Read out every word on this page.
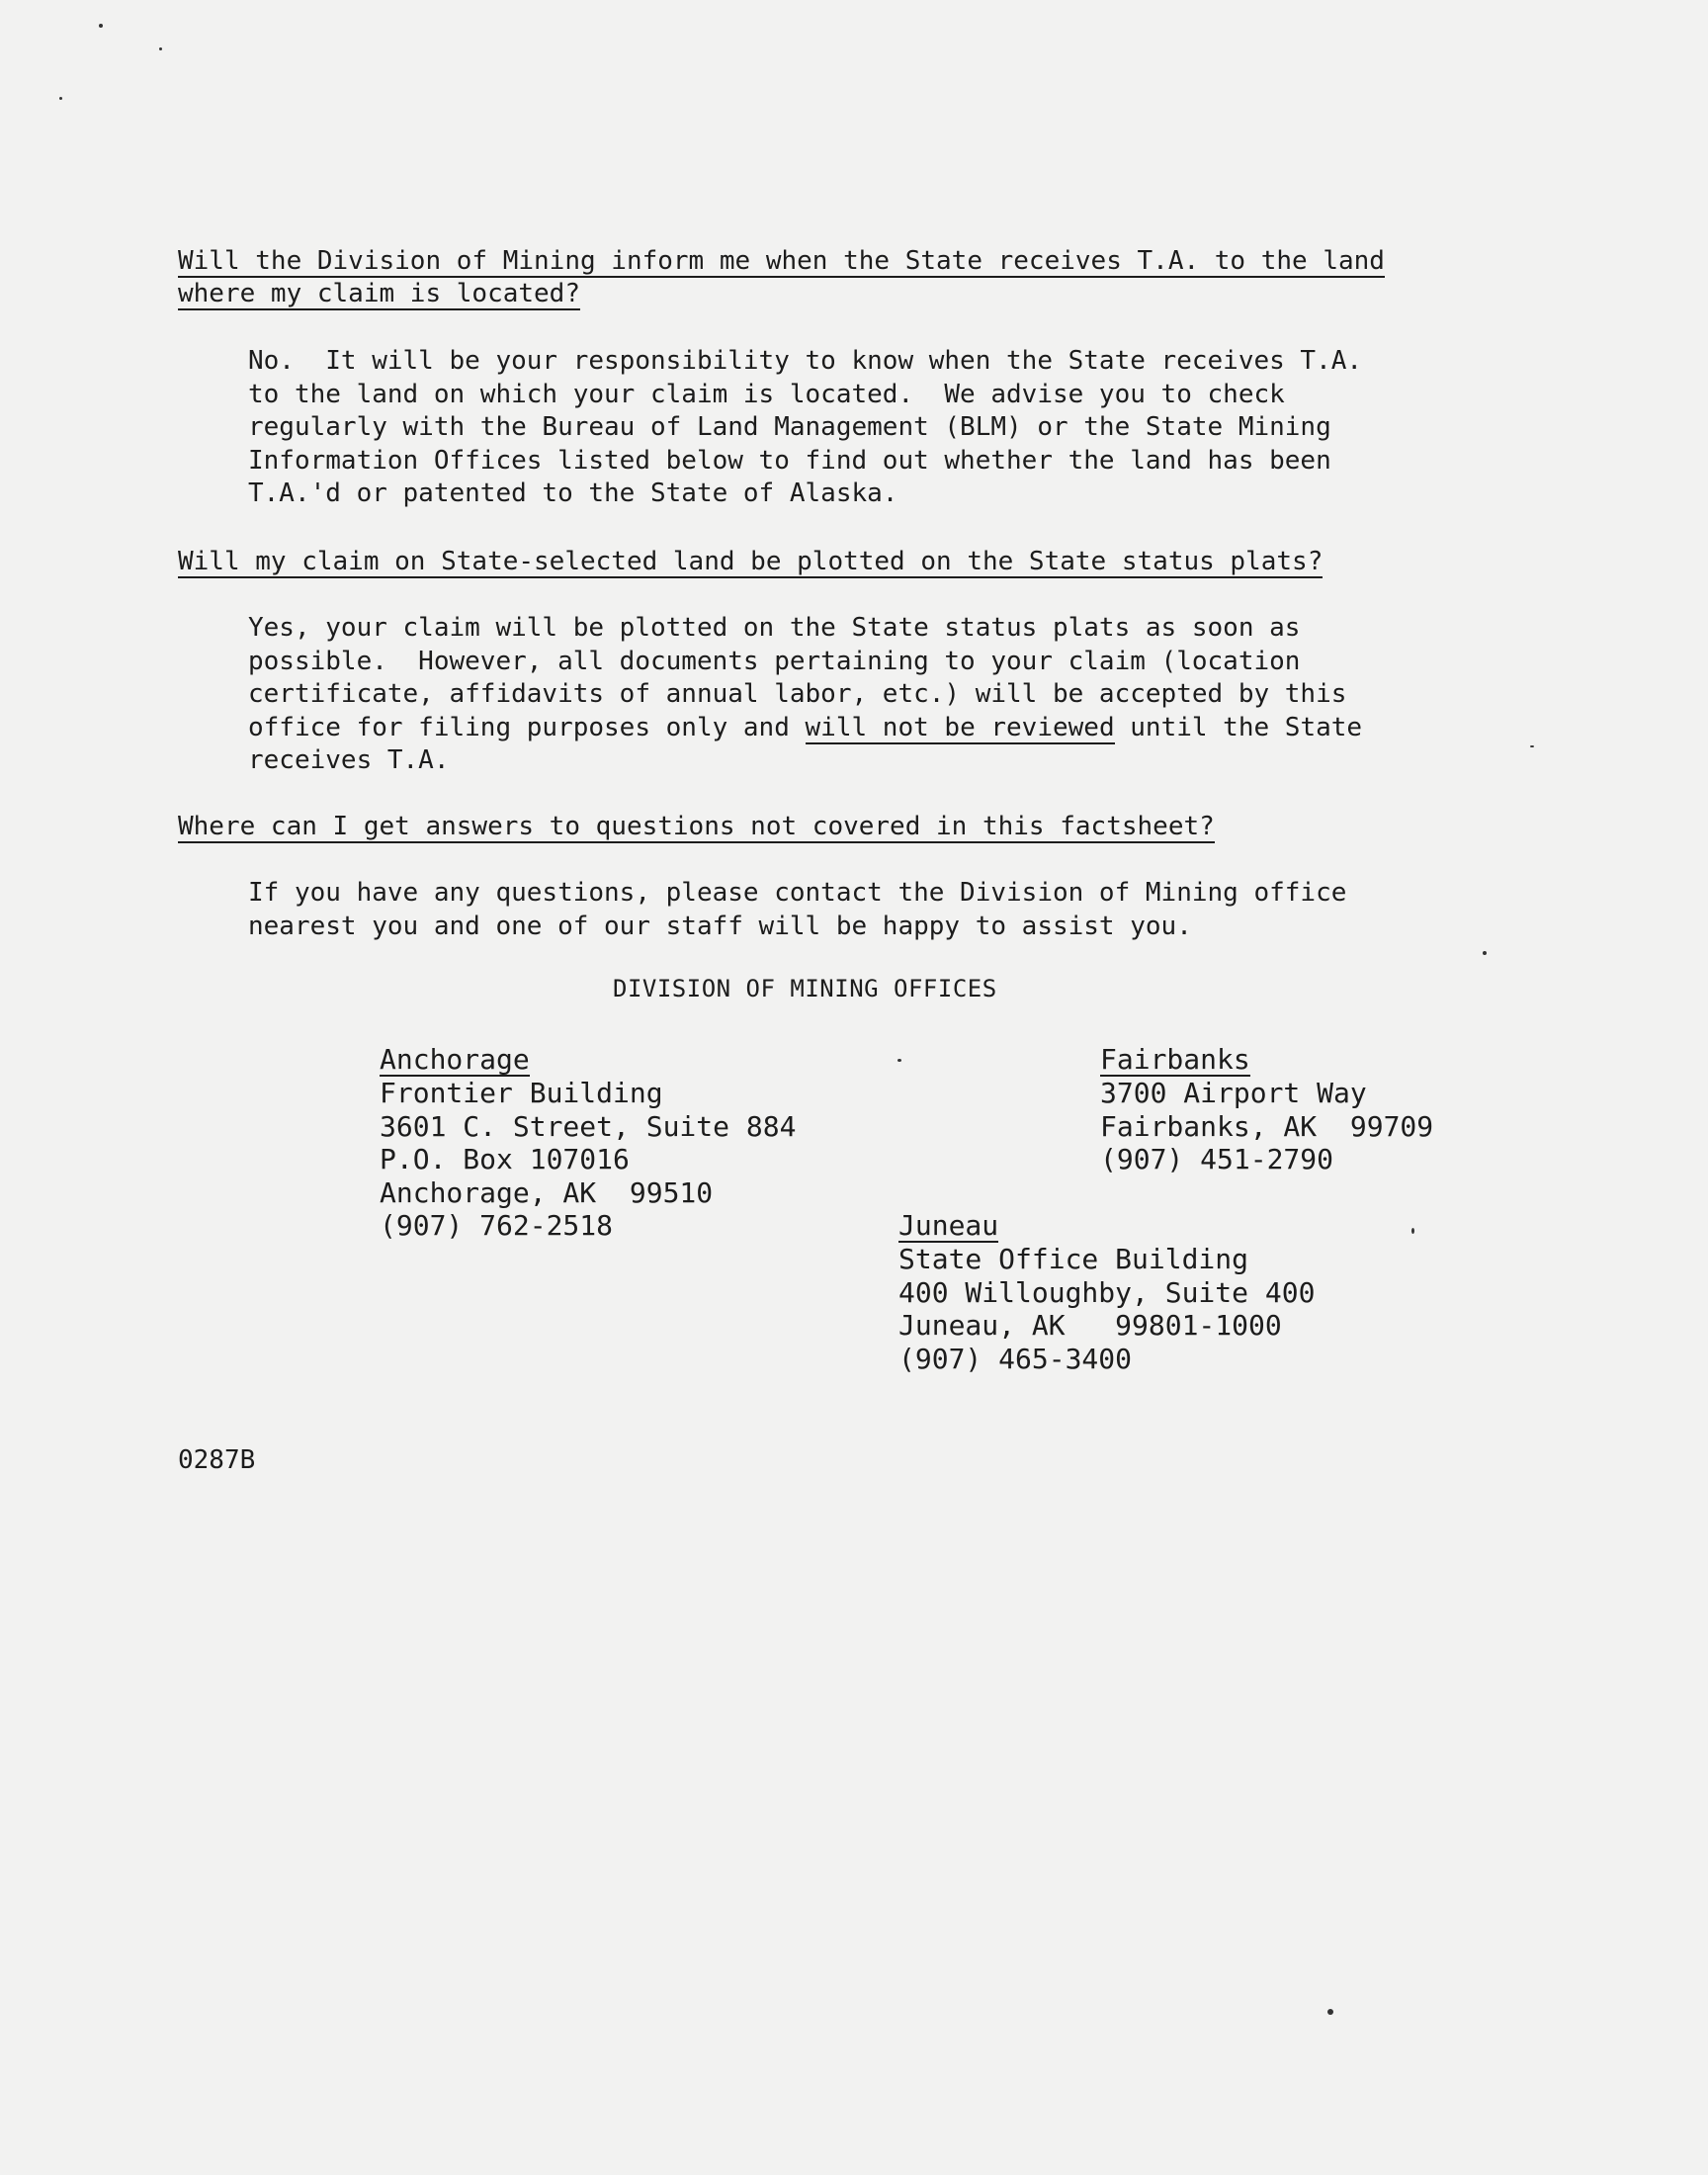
Will the Division of Mining inform me when the State receives T.A. to the land
where my claim is located?
No.  It will be your responsibility to know when the State receives T.A.
to the land on which your claim is located.  We advise you to check
regularly with the Bureau of Land Management (BLM) or the State Mining
Information Offices listed below to find out whether the land has been
T.A.'d or patented to the State of Alaska.
Will my claim on State-selected land be plotted on the State status plats?
Yes, your claim will be plotted on the State status plats as soon as
possible.  However, all documents pertaining to your claim (location
certificate, affidavits of annual labor, etc.) will be accepted by this
office for filing purposes only and will not be reviewed until the State
receives T.A.
Where can I get answers to questions not covered in this factsheet?
If you have any questions, please contact the Division of Mining office
nearest you and one of our staff will be happy to assist you.
DIVISION OF MINING OFFICES
Anchorage
Frontier Building
3601 C. Street, Suite 884
P.O. Box 107016
Anchorage, AK  99510
(907) 762-2518
Fairbanks
3700 Airport Way
Fairbanks, AK  99709
(907) 451-2790
Juneau
State Office Building
400 Willoughby, Suite 400
Juneau, AK   99801-1000
(907) 465-3400
0287B
